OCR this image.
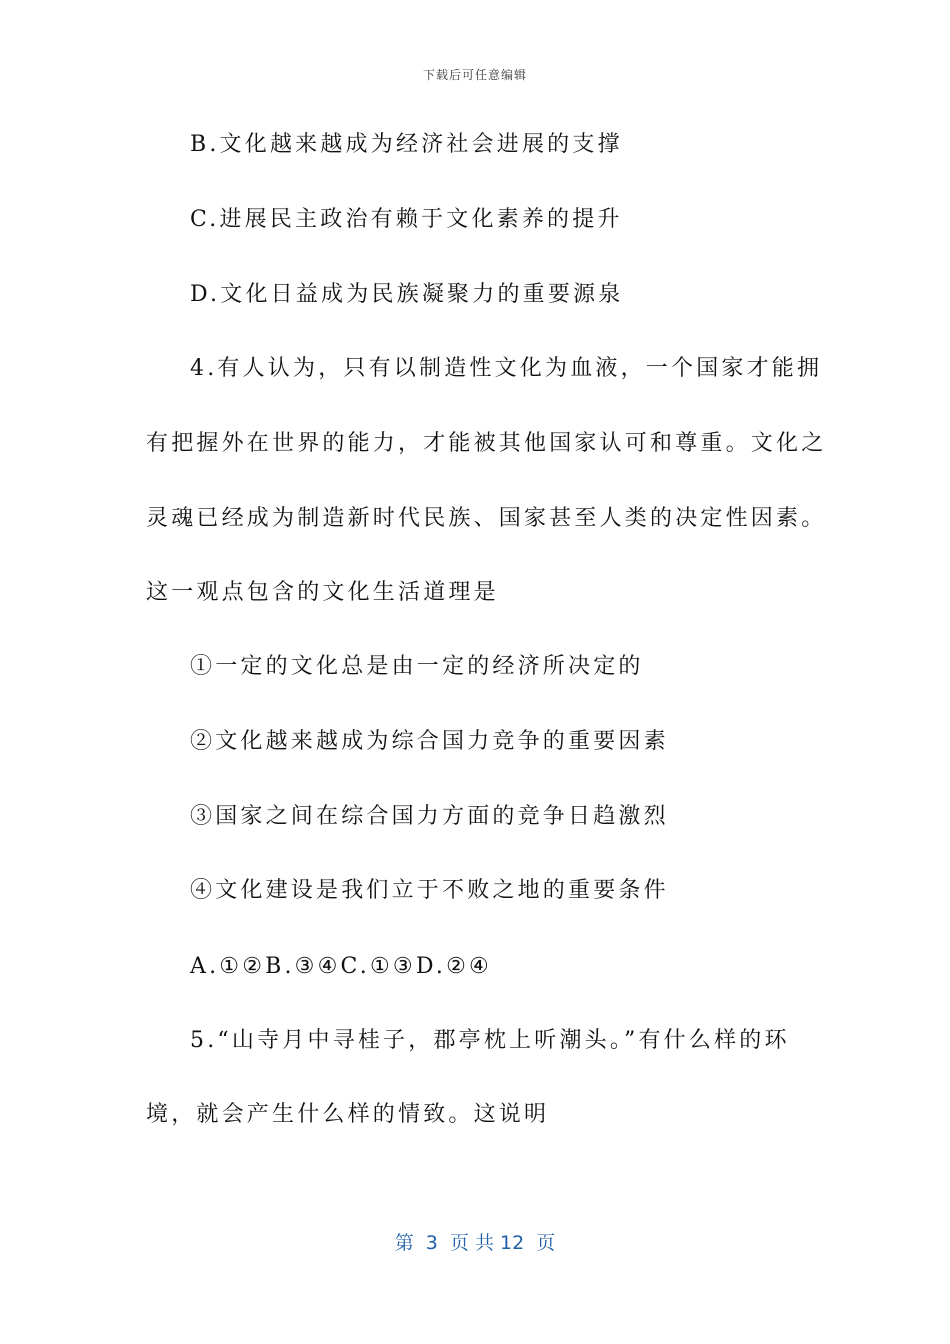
下载后可任意编辑
B.文化越来越成为经济社会进展的支撑
C.进展民主政治有赖于文化素养的提升
D.文化日益成为民族凝聚力的重要源泉
4.有人认为，只有以制造性文化为血液，一个国家才能拥
有把握外在世界的能力，才能被其他国家认可和尊重。文化之
灵魂已经成为制造新时代民族、国家甚至人类的决定性因素。
这一观点包含的文化生活道理是
①一定的文化总是由一定的经济所决定的
②文化越来越成为综合国力竞争的重要因素
③国家之间在综合国力方面的竞争日趋激烈
④文化建设是我们立于不败之地的重要条件
A.①②B.③④C.①③D.②④
5.“山寺月中寻桂子，郡亭枕上听潮头。”有什么样的环
境，就会产生什么样的情致。这说明
第  3  页 共 12  页
